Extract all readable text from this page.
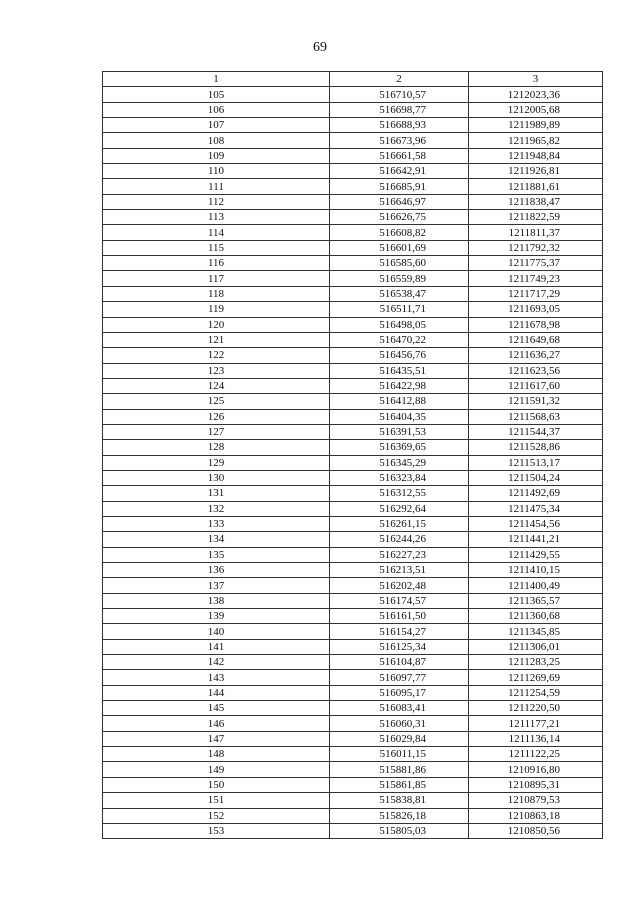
69
1	2	3
105	516710,57	1212023,36
106	516698,77	1212005,68
107	516688,93	1211989,89
108	516673,96	1211965,82
109	516661,58	1211948,84
110	516642,91	1211926,81
111	516685,91	1211881,61
112	516646,97	1211838,47
113	516626,75	1211822,59
114	516608,82	1211811,37
115	516601,69	1211792,32
116	516585,60	1211775,37
117	516559,89	1211749,23
118	516538,47	1211717,29
119	516511,71	1211693,05
120	516498,05	1211678,98
121	516470,22	1211649,68
122	516456,76	1211636,27
123	516435,51	1211623,56
124	516422,98	1211617,60
125	516412,88	1211591,32
126	516404,35	1211568,63
127	516391,53	1211544,37
128	516369,65	1211528,86
129	516345,29	1211513,17
130	516323,84	1211504,24
131	516312,55	1211492,69
132	516292,64	1211475,34
133	516261,15	1211454,56
134	516244,26	1211441,21
135	516227,23	1211429,55
136	516213,51	1211410,15
137	516202,48	1211400,49
138	516174,57	1211365,57
139	516161,50	1211360,68
140	516154,27	1211345,85
141	516125,34	1211306,01
142	516104,87	1211283,25
143	516097,77	1211269,69
144	516095,17	1211254,59
145	516083,41	1211220,50
146	516060,31	1211177,21
147	516029,84	1211136,14
148	516011,15	1211122,25
149	515881,86	1210916,80
150	515861,85	1210895,31
151	515838,81	1210879,53
152	515826,18	1210863,18
153	515805,03	1210850,56
